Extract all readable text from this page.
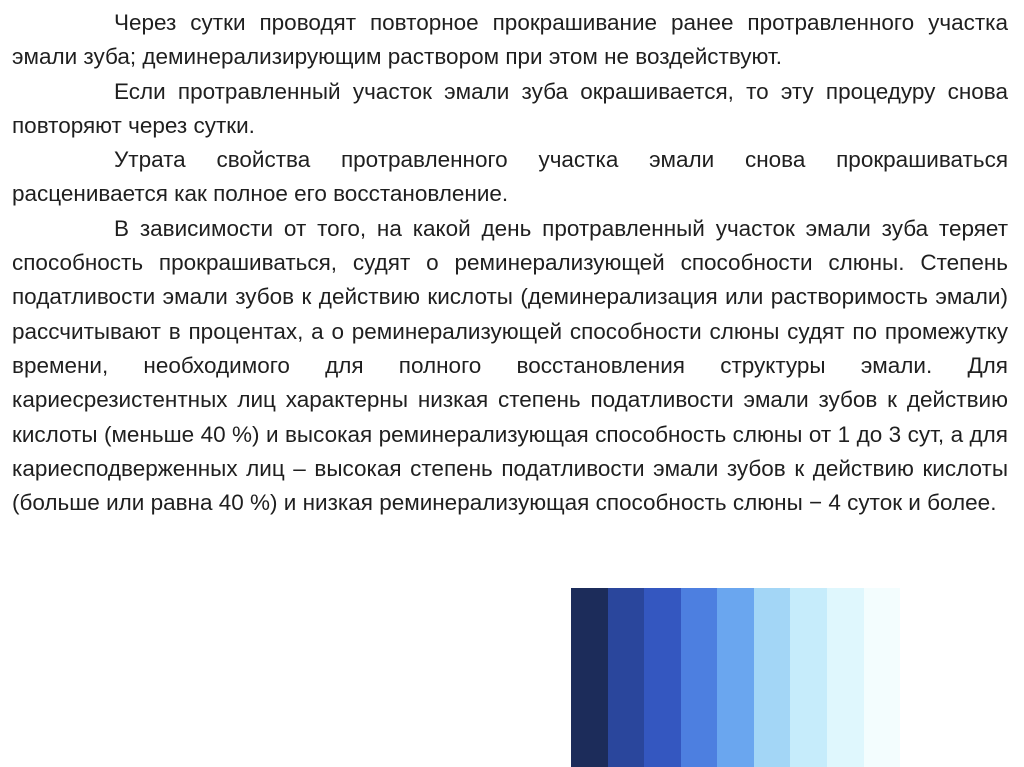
Через сутки проводят повторное прокрашивание ранее протравленного участка эмали зуба; деминерализирующим раствором при этом не воздействуют.

Если протравленный участок эмали зуба окрашивается, то эту процедуру снова повторяют через сутки.

Утрата свойства протравленного участка эмали снова прокрашиваться расценивается как полное его восстановление.

В зависимости от того, на какой день протравленный участок эмали зуба теряет способность прокрашиваться, судят о реминерализующей способности слюны. Степень податливости эмали зубов к действию кислоты (деминерализация или растворимость эмали) рассчитывают в процентах, а о реминерализующей способности слюны судят по промежутку времени, необходимого для полного восстановления структуры эмали. Для кариесрезистентных лиц характерны низкая степень податливости эмали зубов к действию кислоты (меньше 40 %) и высокая реминерализующая способность слюны от 1 до 3 сут, а для кариесподверженных лиц – высокая степень податливости эмали зубов к действию кислоты (больше или равна 40 %) и низкая реминерализующая способность слюны − 4 суток и более.
